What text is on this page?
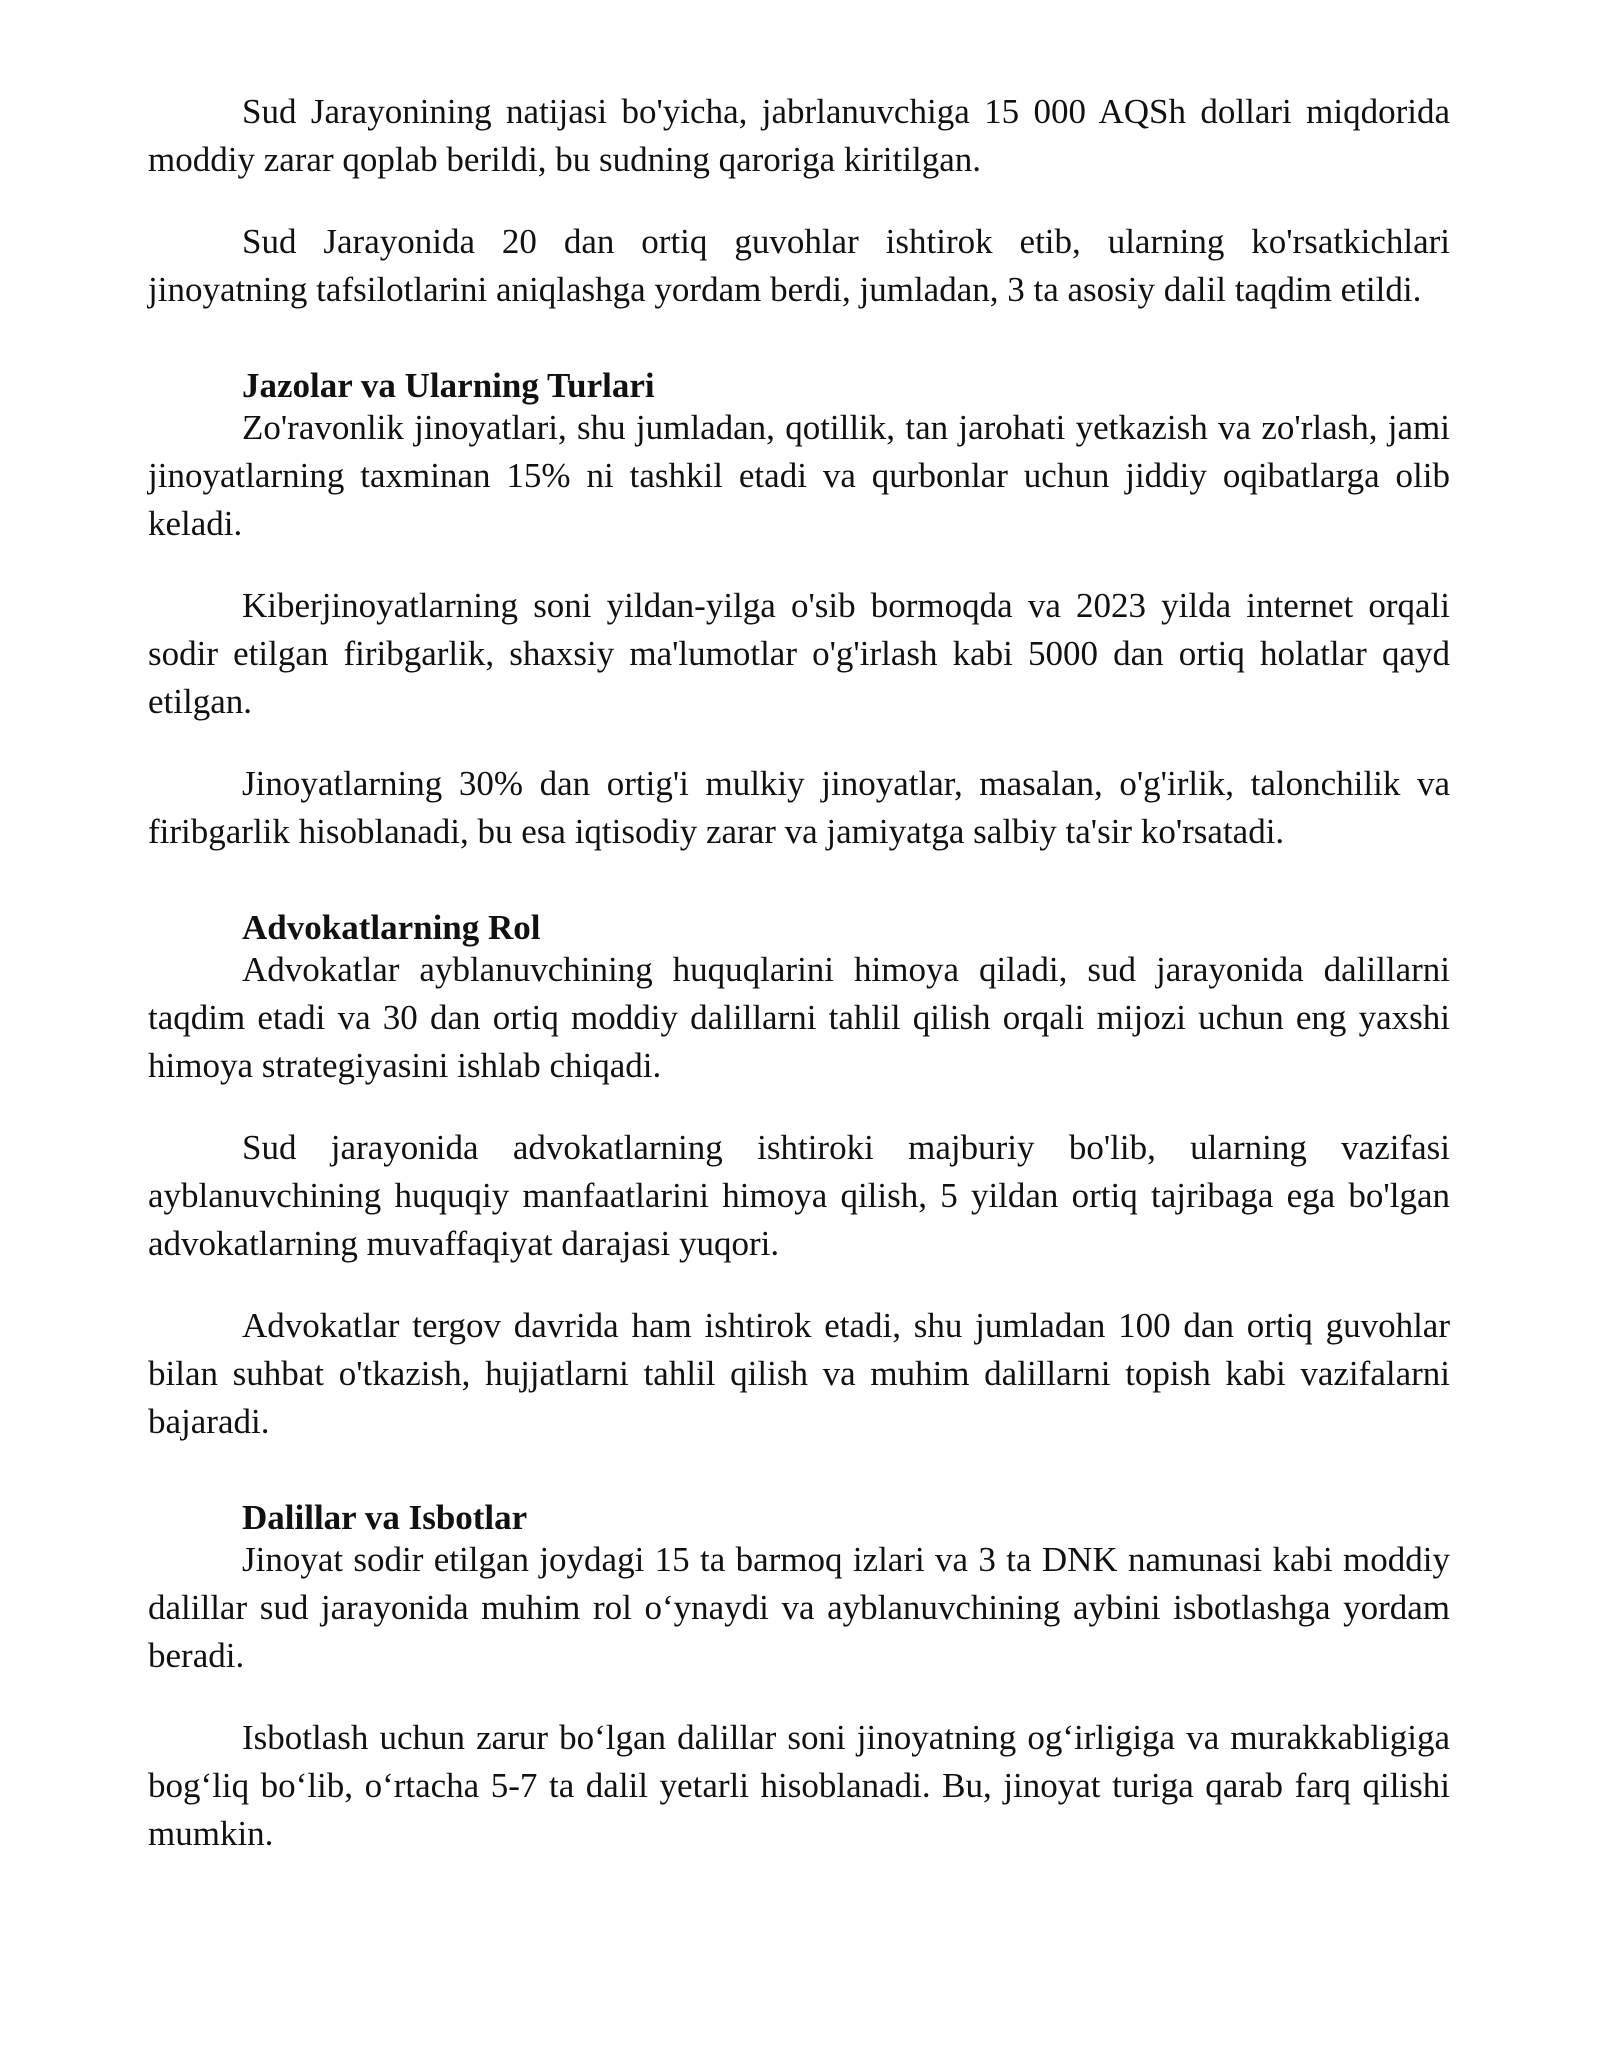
Sud Jarayonining natijasi bo'yicha, jabrlanuvchiga 15 000 AQSh dollari miqdorida moddiy zarar qoplab berildi, bu sudning qaroriga kiritilgan.

Sud Jarayonida 20 dan ortiq guvohlar ishtirok etib, ularning ko'rsatkichlari jinoyatning tafsilotlarini aniqlashga yordam berdi, jumladan, 3 ta asosiy dalil taqdim etildi.

Jazolar va Ularning Turlari

Zo'ravonlik jinoyatlari, shu jumladan, qotillik, tan jarohati yetkazish va zo'rlash, jami jinoyatlarning taxminan 15% ni tashkil etadi va qurbonlar uchun jiddiy oqibatlarga olib keladi.

Kiberjinoyatlarning soni yildan-yilga o'sib bormoqda va 2023 yilda internet orqali sodir etilgan firibgarlik, shaxsiy ma'lumotlar o'g'irlash kabi 5000 dan ortiq holatlar qayd etilgan.

Jinoyatlarning 30% dan ortig'i mulkiy jinoyatlar, masalan, o'g'irlik, talonchilik va firibgarlik hisoblanadi, bu esa iqtisodiy zarar va jamiyatga salbiy ta'sir ko'rsatadi.

Advokatlarning Rol

Advokatlar ayblanuvchining huquqlarini himoya qiladi, sud jarayonida dalillarni taqdim etadi va 30 dan ortiq moddiy dalillarni tahlil qilish orqali mijozi uchun eng yaxshi himoya strategiyasini ishlab chiqadi.

Sud jarayonida advokatlarning ishtiroki majburiy bo'lib, ularning vazifasi ayblanuvchining huquqiy manfaatlarini himoya qilish, 5 yildan ortiq tajribaga ega bo'lgan advokatlarning muvaffaqiyat darajasi yuqori.

Advokatlar tergov davrida ham ishtirok etadi, shu jumladan 100 dan ortiq guvohlar bilan suhbat o'tkazish, hujjatlarni tahlil qilish va muhim dalillarni topish kabi vazifalarni bajaradi.

Dalillar va Isbotlar

Jinoyat sodir etilgan joydagi 15 ta barmoq izlari va 3 ta DNK namunasi kabi moddiy dalillar sud jarayonida muhim rol o‘ynaydi va ayblanuvchining aybini isbotlashga yordam beradi.

Isbotlash uchun zarur bo‘lgan dalillar soni jinoyatning og‘irligiga va murakkabligiga bog‘liq bo‘lib, o‘rtacha 5-7 ta dalil yetarli hisoblanadi. Bu, jinoyat turiga qarab farq qilishi mumkin.
